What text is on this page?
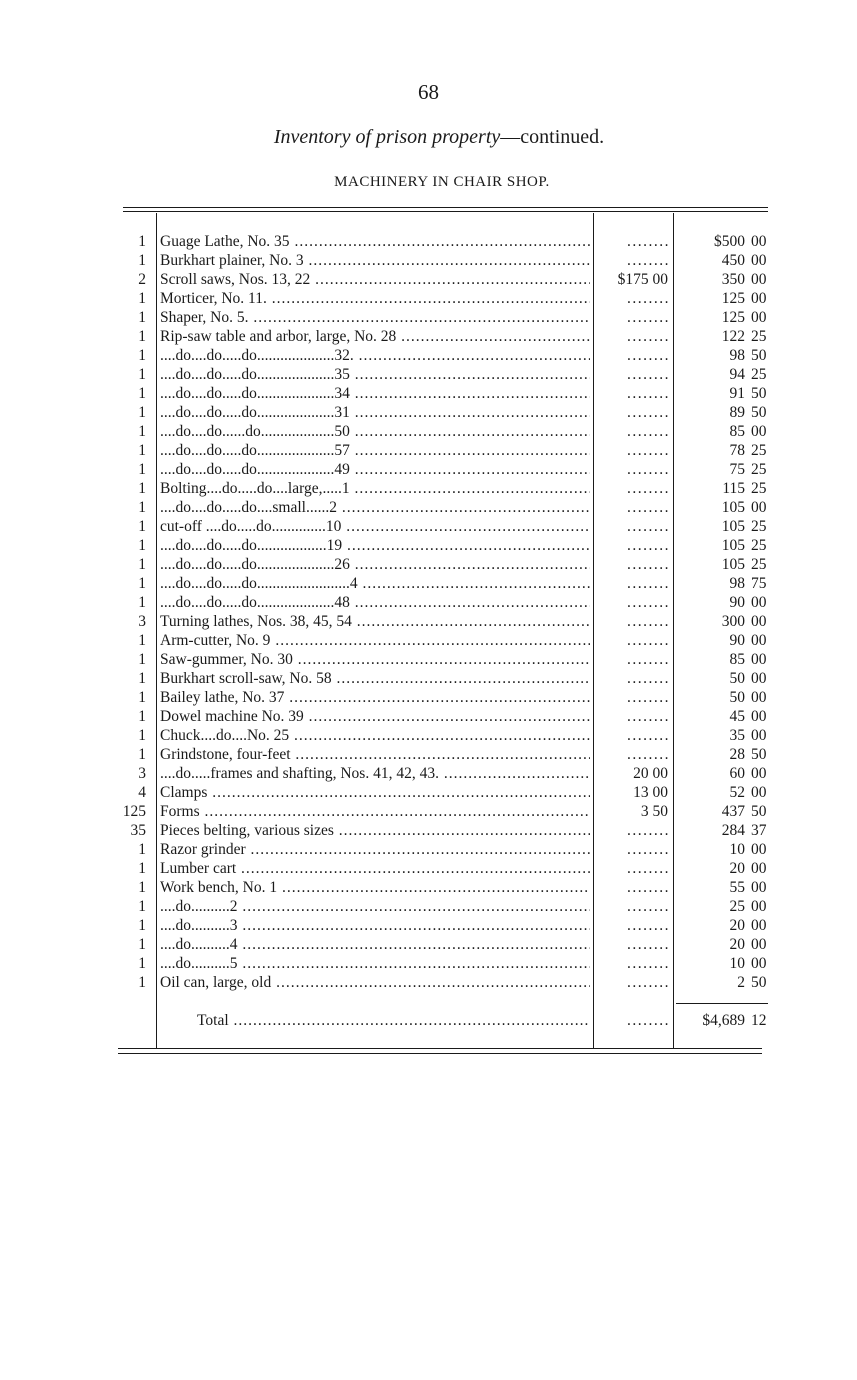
68
Inventory of prison property—continued.
MACHINERY IN CHAIR SHOP.
1 Guage Lathe, No. 35 ..... ........	$500 00
1 Burkhart plainer, No. 3 ..... ........	450 00
2 Scroll saws, Nos. 13, 22 .....	$175 00	350 00
1 Morticer, No. 11. ..... ........	125 00
1 Shaper, No. 5. ..... ........	125 00
1 Rip-saw table and arbor, large, No. 28 ..... ........	122 25
1 ....do....do.....do....................32. ..... ........	98 50
1 ....do....do.....do....................35 ..... ........	94 25
1 ....do....do.....do....................34 ..... ........	91 50
1 ....do....do.....do....................31 ..... ........	89 50
1 ....do....do......do...................50 ..... ........	85 00
1 ....do....do.....do....................57 ..... ........	78 25
1 ....do....do.....do....................49 ..... ........	75 25
1 Bolting....do.....do....large,.....1 ..... ........	115 25
1 ....do....do.....do....small......2 ..... ........	105 00
1 cut-off ....do.....do..............10 ..... ........	105 25
1 ....do....do.....do..................19 ..... ........	105 25
1 ....do....do.....do....................26 ..... ........	105 25
1 ....do....do.....do........................4 ..... ........	98 75
1 ....do....do.....do....................48 ..... ........	90 00
3 Turning lathes, Nos. 38, 45, 54 ..... ........	300 00
1 Arm-cutter, No. 9 ..... ........	90 00
1 Saw-gummer, No. 30 ..... ........	85 00
1 Burkhart scroll-saw, No. 58 ..... ........	50 00
1 Bailey lathe, No. 37 ..... ........	50 00
1 Dowel machine No. 39 ..... ........	45 00
1 Chuck....do....No. 25 ..... ........	35 00
1 Grindstone, four-feet ..... ........	28 50
3 ....do.....frames and shafting, Nos. 41, 42, 43. .....	20 00	60 00
4 Clamps .....	13 00	52 00
125 Forms .....	3 50	437 50
35 Pieces belting, various sizes ..... ........	284 37
1 Razor grinder ..... ........	10 00
1 Lumber cart ..... ........	20 00
1 Work bench, No. 1 ..... ........	55 00
1 ....do..........2 ..... ........	25 00
1 ....do..........3 ..... ........	20 00
1 ....do..........4 ..... ........	20 00
1 ....do..........5 ..... ........	10 00
1 Oil can, large, old ..... ........	2 50
Total ..... ........	$4,689 12
